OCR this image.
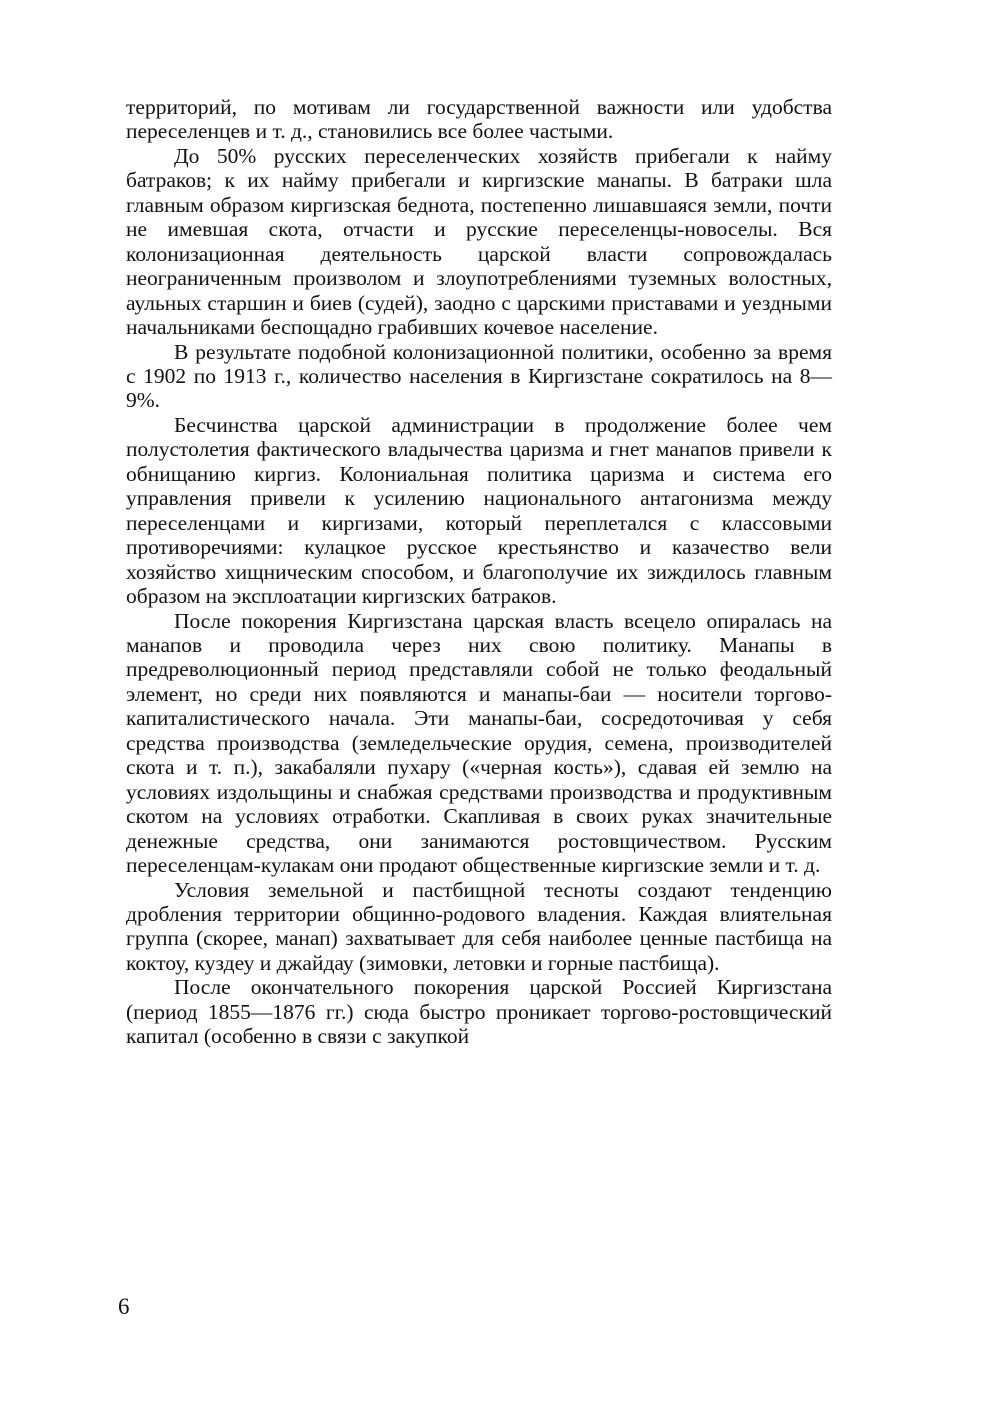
территорий, по мотивам ли государственной важности или удобства переселенцев и т. д., становились все более частыми.

До 50% русских переселенческих хозяйств прибегали к найму батраков; к их найму прибегали и киргизские манапы. В батраки шла главным образом киргизская беднота, постепенно лишавшаяся земли, почти не имевшая скота, отчасти и русские переселенцы-новоселы. Вся колонизационная деятельность царской власти сопровождалась неограниченным произволом и злоупотреблениями туземных волостных, аульных старшин и биев (судей), заодно с царскими приставами и уездными начальниками беспощадно грабивших кочевое население.

В результате подобной колонизационной политики, особенно за время с 1902 по 1913 г., количество населения в Киргизстане сократилось на 8—9%.

Бесчинства царской администрации в продолжение более чем полустолетия фактического владычества царизма и гнет манапов привели к обнищанию киргиз. Колониальная политика царизма и система его управления привели к усилению национального антагонизма между переселенцами и киргизами, который переплетался с классовыми противоречиями: кулацкое русское крестьянство и казачество вели хозяйство хищническим способом, и благополучие их зиждилось главным образом на эксплоатации киргизских батраков.

После покорения Киргизстана царская власть всецело опиралась на манапов и проводила через них свою политику. Манапы в предреволюционный период представляли собой не только феодальный элемент, но среди них появляются и манапы-баи — носители торгово-капиталистического начала. Эти манапы-баи, сосредоточивая у себя средства производства (земледельческие орудия, семена, производителей скота и т. п.), закабаляли пухару («черная кость»), сдавая ей землю на условиях издольщины и снабжая средствами производства и продуктивным скотом на условиях отработки. Скапливая в своих руках значительные денежные средства, они занимаются ростовщичеством. Русским переселенцам-кулакам они продают общественные киргизские земли и т. д.

Условия земельной и пастбищной тесноты создают тенденцию дробления территории общинно-родового владения. Каждая влиятельная группа (скорее, манап) захватывает для себя наиболее ценные пастбища на коктоу, куздеу и джайдау (зимовки, летовки и горные пастбища).

После окончательного покорения царской Россией Киргизстана (период 1855—1876 гг.) сюда быстро проникает торгово-ростовщический капитал (особенно в связи с закупкой

6
